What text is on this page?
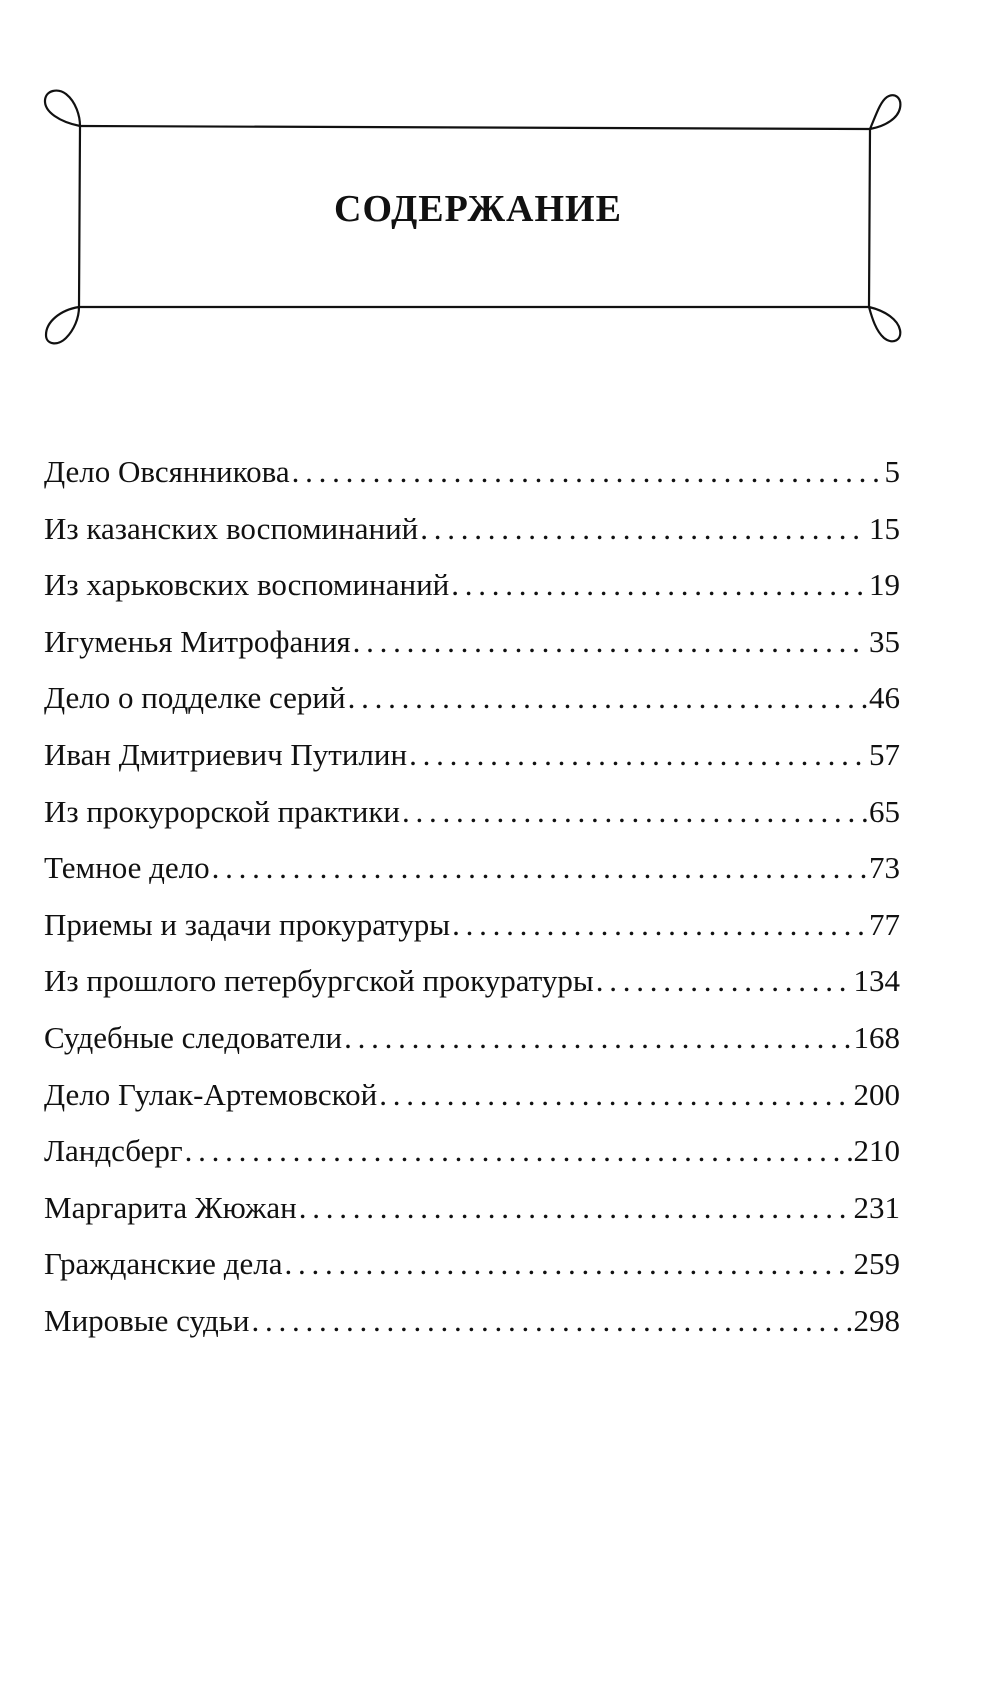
СОДЕРЖАНИЕ
Дело Овсянникова . . .	5
Из казанских воспоминаний . . .	15
Из харьковских воспоминаний . . .	19
Игуменья Митрофания . . .	35
Дело о подделке серий . . .	46
Иван Дмитриевич Путилин . . .	57
Из прокурорской практики . . .	65
Темное дело . . .	73
Приемы и задачи прокуратуры . . .	77
Из прошлого петербургской прокуратуры . . .	134
Судебные следователи . . .	168
Дело Гулак-Артемовской . . .	200
Ландсберг . . .	210
Маргарита Жюжан . . .	231
Гражданские дела . . .	259
Мировые судьи . . .	298
